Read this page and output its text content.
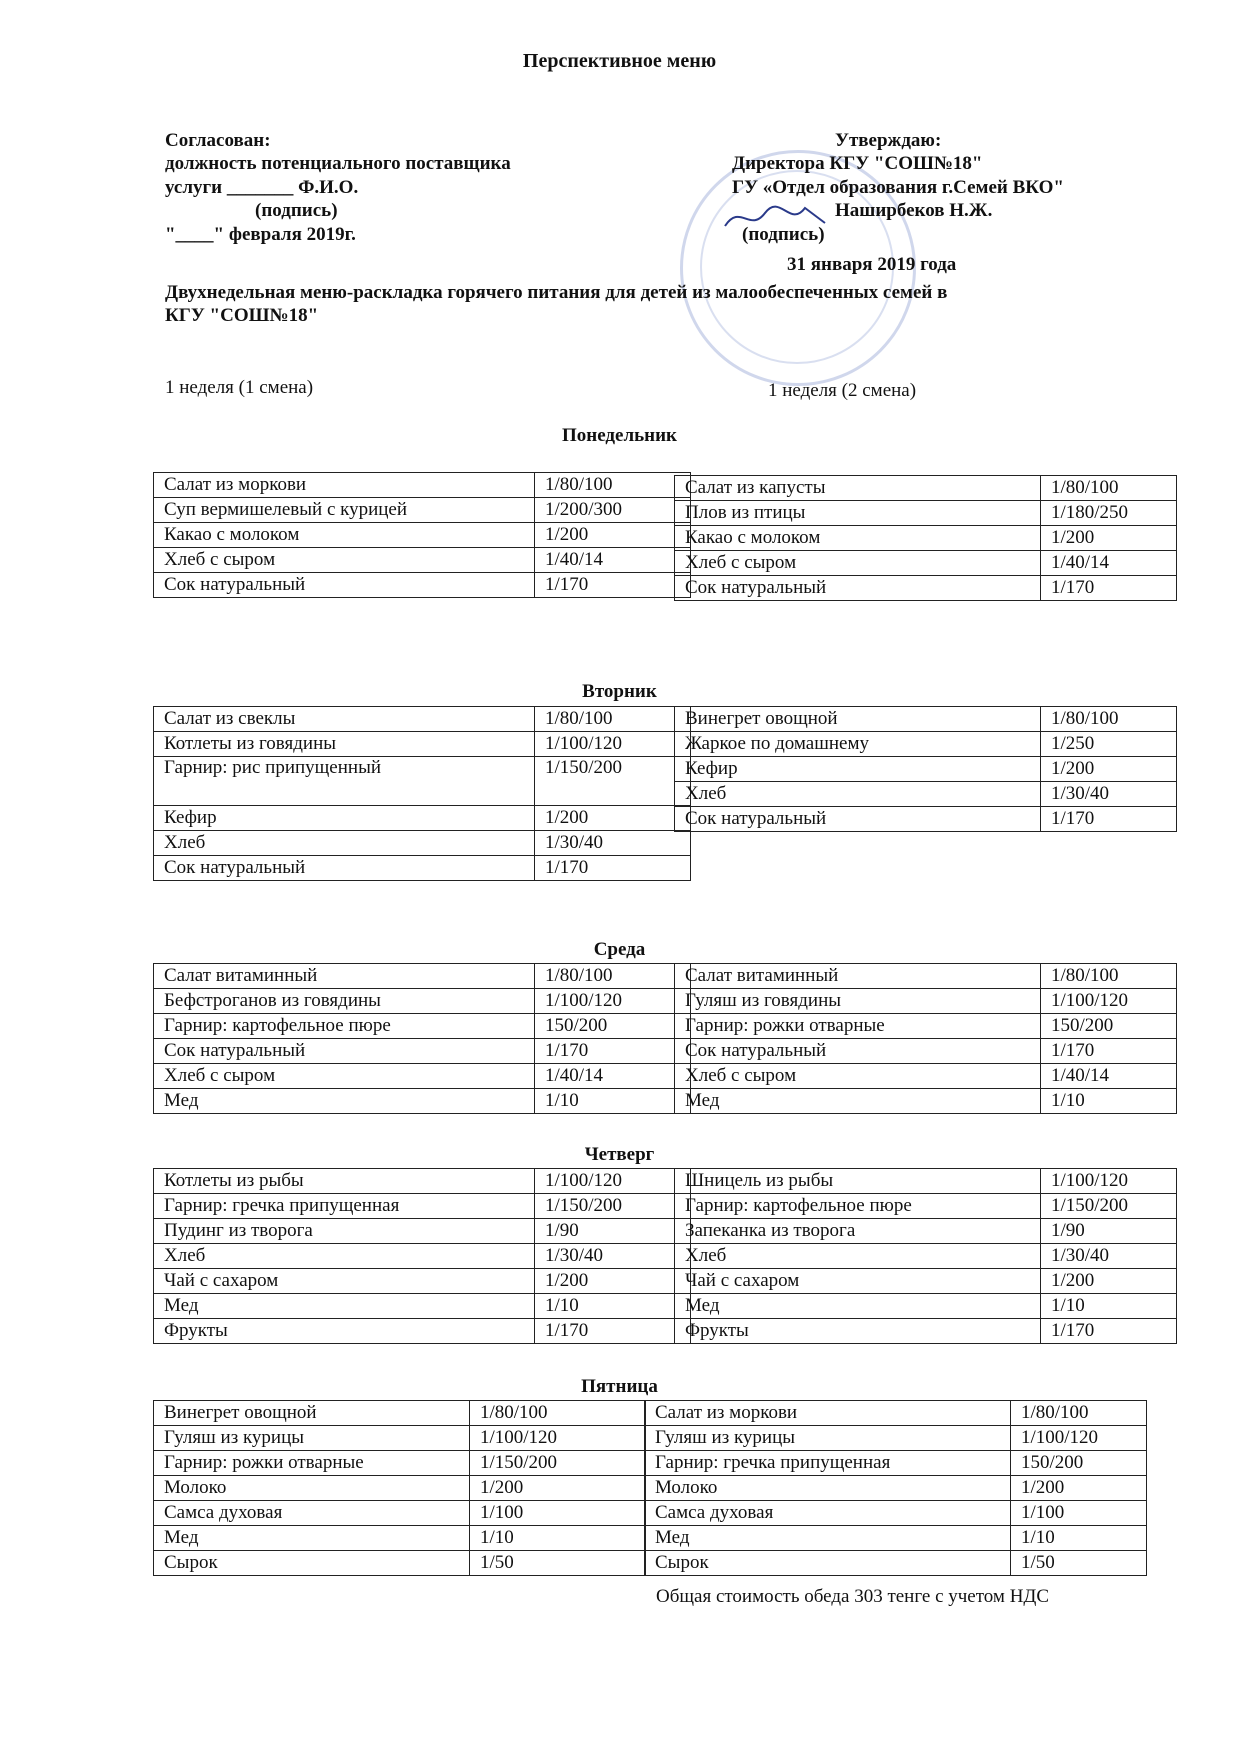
Перспективное меню
Согласован:
должность потенциального поставщика
услуги _______ Ф.И.О.
(подпись)
"____" февраля 2019г.
Утверждаю:
Директора КГУ "СОШ№18"
ГУ «Отдел образования г.Семей ВКО"
Наширбеков Н.Ж.
(подпись)
31 января 2019 года
Двухнедельная меню-раскладка горячего питания для детей из малообеспеченных семей в
КГУ "СОШ№18"
1 неделя (1 смена)	1 неделя (2 смена)
Понедельник
Вторник
Среда
Четверг
Пятница
Салат из моркови	1/80/100
Суп вермишелевый с курицей	1/200/300
Какао с молоком	1/200
Хлеб с сыром	1/40/14
Сок натуральный	1/170
Салат из капусты	1/80/100
Плов из птицы	1/180/250
Какао с молоком	1/200
Хлеб с сыром	1/40/14
Сок натуральный	1/170
Салат из свеклы	1/80/100
Котлеты из говядины	1/100/120
Гарнир: рис припущенный	1/150/200
Кефир	1/200
Хлеб	1/30/40
Сок натуральный	1/170
Винегрет овощной	1/80/100
Жаркое по домашнему	1/250
Кефир	1/200
Хлеб	1/30/40
Сок натуральный	1/170
Салат витаминный	1/80/100
Бефстроганов из говядины	1/100/120
Гарнир: картофельное пюре	150/200
Сок натуральный	1/170
Хлеб с сыром	1/40/14
Мед	1/10
Салат витаминный	1/80/100
Гуляш из говядины	1/100/120
Гарнир: рожки отварные	150/200
Сок натуральный	1/170
Хлеб с сыром	1/40/14
Мед	1/10
Котлеты из рыбы	1/100/120
Гарнир: гречка припущенная	1/150/200
Пудинг из творога	1/90
Хлеб	1/30/40
Чай с сахаром	1/200
Мед	1/10
Фрукты	1/170
Шницель из рыбы	1/100/120
Гарнир: картофельное пюре	1/150/200
Запеканка из творога	1/90
Хлеб	1/30/40
Чай с сахаром	1/200
Мед	1/10
Фрукты	1/170
Винегрет овощной	1/80/100
Гуляш из курицы	1/100/120
Гарнир: рожки отварные	1/150/200
Молоко	1/200
Самса духовая	1/100
Мед	1/10
Сырок	1/50
Салат из моркови	1/80/100
Гуляш из курицы	1/100/120
Гарнир: гречка припущенная	150/200
Молоко	1/200
Самса духовая	1/100
Мед	1/10
Сырок	1/50
Общая стоимость обеда 303 тенге с учетом НДС
